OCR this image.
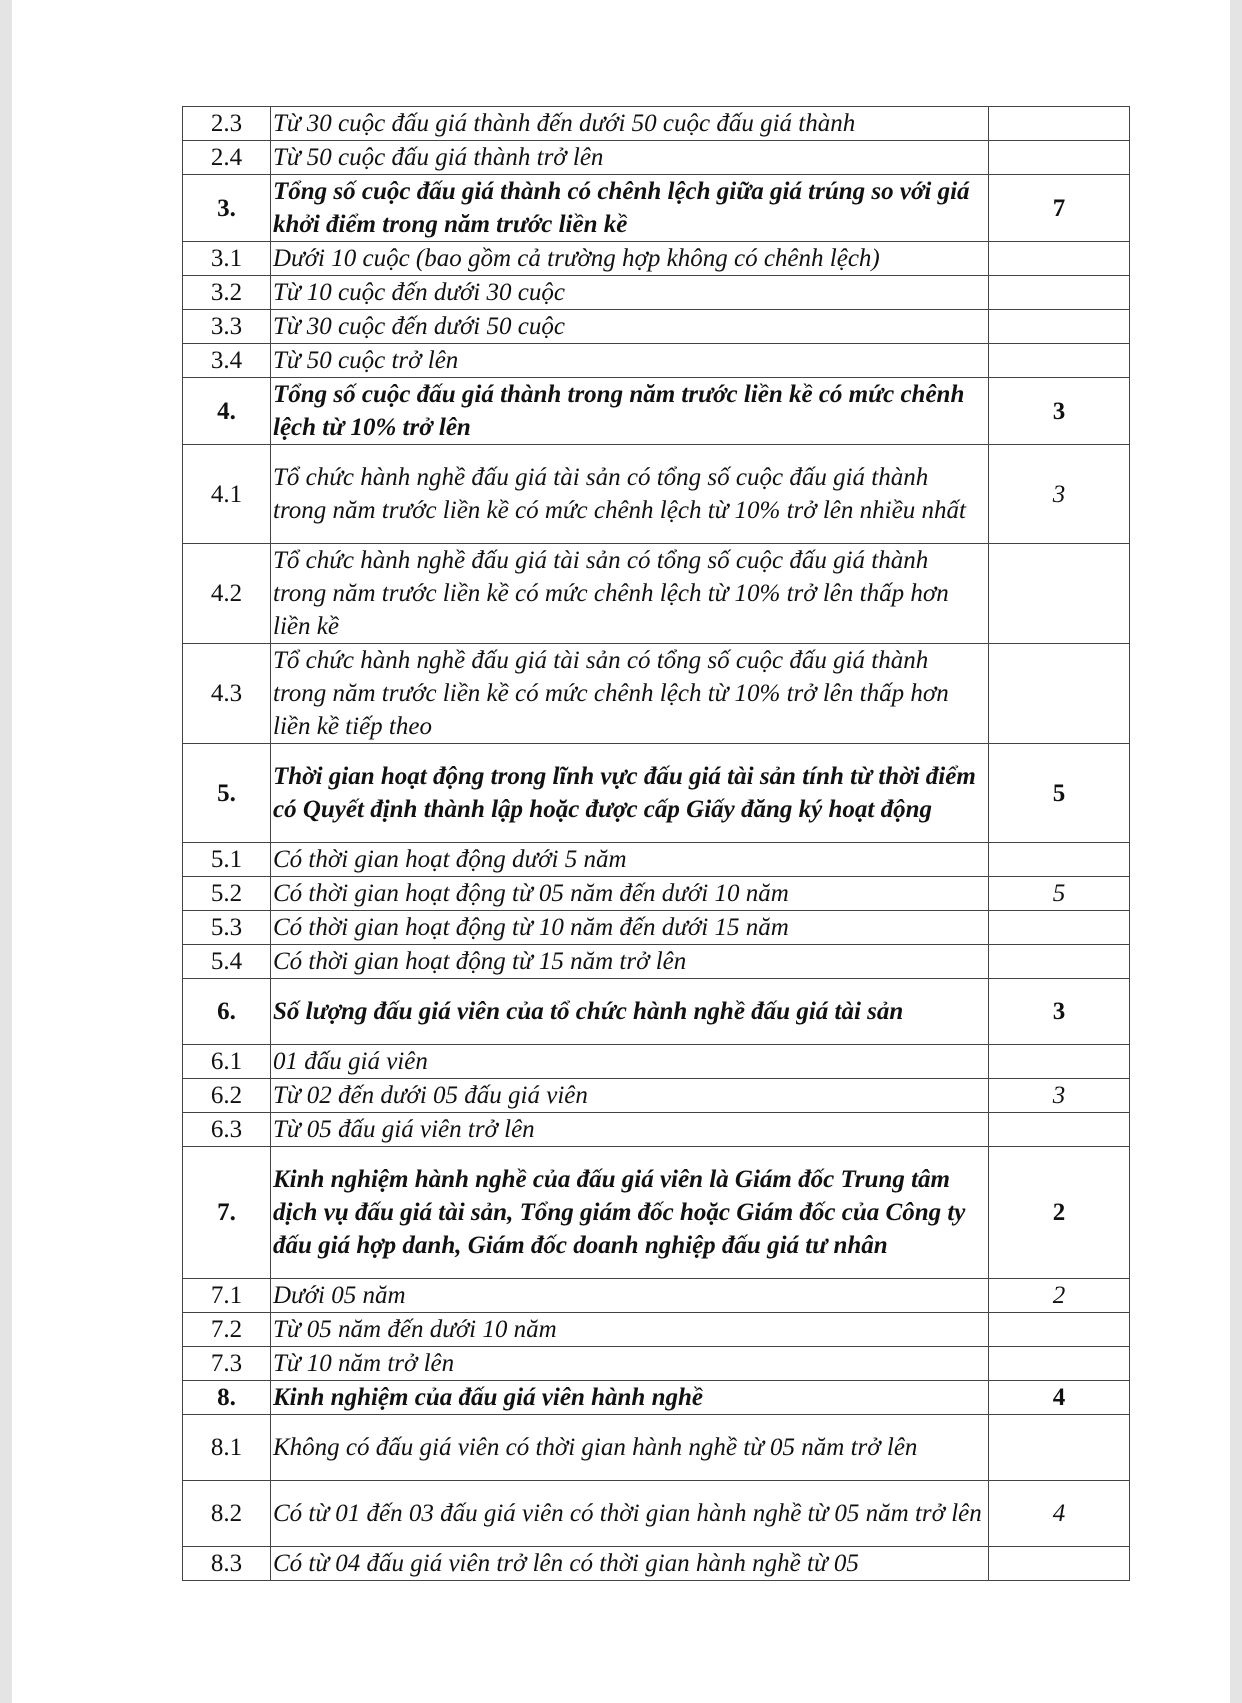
2.3	Từ 30 cuộc đấu giá thành đến dưới 50 cuộc đấu giá thành	
2.4	Từ 50 cuộc đấu giá thành trở lên	
3.	Tổng số cuộc đấu giá thành có chênh lệch giữa giá trúng so với giá khởi điểm trong năm trước liền kề	7
3.1	Dưới 10 cuộc (bao gồm cả trường hợp không có chênh lệch)	
3.2	Từ 10 cuộc đến dưới 30 cuộc	
3.3	Từ 30 cuộc đến dưới 50 cuộc	
3.4	Từ 50 cuộc trở lên	
4.	Tổng số cuộc đấu giá thành trong năm trước liền kề có mức chênh lệch từ 10% trở lên	3
4.1	Tổ chức hành nghề đấu giá tài sản có tổng số cuộc đấu giá thành trong năm trước liền kề có mức chênh lệch từ 10% trở lên nhiều nhất	3
4.2	Tổ chức hành nghề đấu giá tài sản có tổng số cuộc đấu giá thành trong năm trước liền kề có mức chênh lệch từ 10% trở lên thấp hơn liền kề	
4.3	Tổ chức hành nghề đấu giá tài sản có tổng số cuộc đấu giá thành trong năm trước liền kề có mức chênh lệch từ 10% trở lên thấp hơn liền kề tiếp theo	
5.	Thời gian hoạt động trong lĩnh vực đấu giá tài sản tính từ thời điểm có Quyết định thành lập hoặc được cấp Giấy đăng ký hoạt động	5
5.1	Có thời gian hoạt động dưới 5 năm	
5.2	Có thời gian hoạt động từ 05 năm đến dưới 10 năm	5
5.3	Có thời gian hoạt động từ 10 năm đến dưới 15 năm	
5.4	Có thời gian hoạt động từ 15 năm trở lên	
6.	Số lượng đấu giá viên của tổ chức hành nghề đấu giá tài sản	3
6.1	01 đấu giá viên	
6.2	Từ 02 đến dưới 05 đấu giá viên	3
6.3	Từ 05 đấu giá viên trở lên	
7.	Kinh nghiệm hành nghề của đấu giá viên là Giám đốc Trung tâm dịch vụ đấu giá tài sản, Tổng giám đốc hoặc Giám đốc của Công ty đấu giá hợp danh, Giám đốc doanh nghiệp đấu giá tư nhân	2
7.1	Dưới 05 năm	2
7.2	Từ 05 năm đến dưới 10 năm	
7.3	Từ 10 năm trở lên	
8.	Kinh nghiệm của đấu giá viên hành nghề	4
8.1	Không có đấu giá viên có thời gian hành nghề từ 05 năm trở lên	
8.2	Có từ 01 đến 03 đấu giá viên có thời gian hành nghề từ 05 năm trở lên	4
8.3	Có từ 04 đấu giá viên trở lên có thời gian hành nghề từ 05	
